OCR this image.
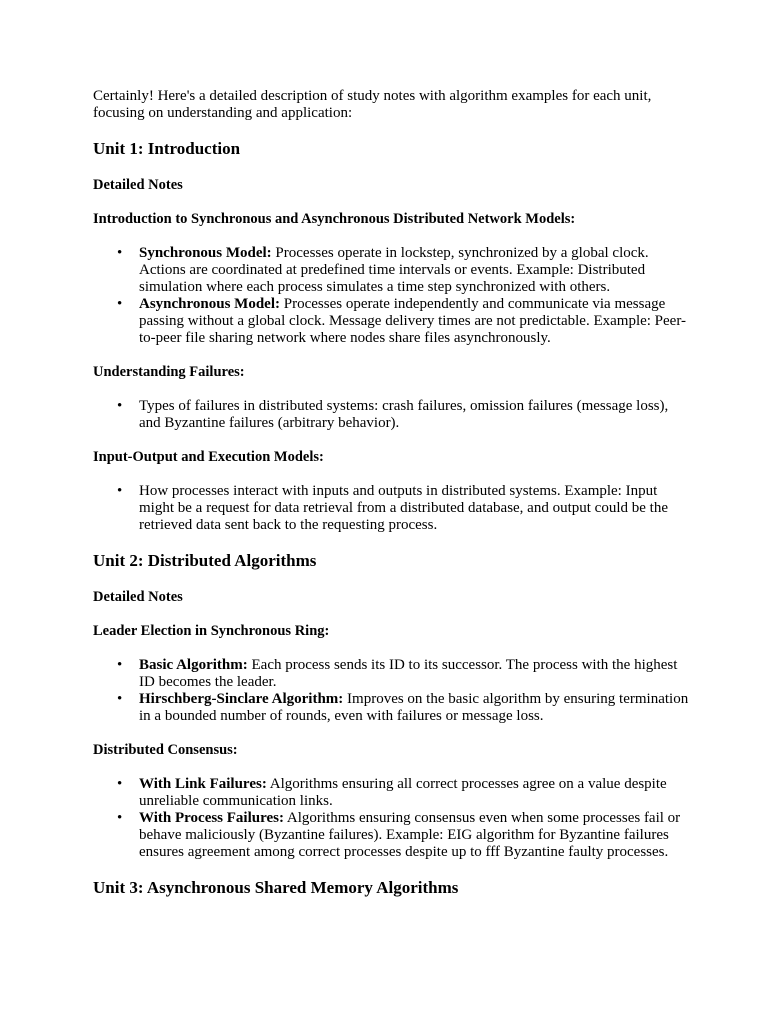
Certainly! Here's a detailed description of study notes with algorithm examples for each unit, focusing on understanding and application:

Unit 1: Introduction
Detailed Notes
Introduction to Synchronous and Asynchronous Distributed Network Models:
• Synchronous Model: Processes operate in lockstep, synchronized by a global clock. Actions are coordinated at predefined time intervals or events. Example: Distributed simulation where each process simulates a time step synchronized with others.
• Asynchronous Model: Processes operate independently and communicate via message passing without a global clock. Message delivery times are not predictable. Example: Peer-to-peer file sharing network where nodes share files asynchronously.
Understanding Failures:
• Types of failures in distributed systems: crash failures, omission failures (message loss), and Byzantine failures (arbitrary behavior).
Input-Output and Execution Models:
• How processes interact with inputs and outputs in distributed systems. Example: Input might be a request for data retrieval from a distributed database, and output could be the retrieved data sent back to the requesting process.
Unit 2: Distributed Algorithms
Detailed Notes
Leader Election in Synchronous Ring:
• Basic Algorithm: Each process sends its ID to its successor. The process with the highest ID becomes the leader.
• Hirschberg-Sinclare Algorithm: Improves on the basic algorithm by ensuring termination in a bounded number of rounds, even with failures or message loss.
Distributed Consensus:
• With Link Failures: Algorithms ensuring all correct processes agree on a value despite unreliable communication links.
• With Process Failures: Algorithms ensuring consensus even when some processes fail or behave maliciously (Byzantine failures). Example: EIG algorithm for Byzantine failures ensures agreement among correct processes despite up to fff Byzantine faulty processes.
Unit 3: Asynchronous Shared Memory Algorithms
